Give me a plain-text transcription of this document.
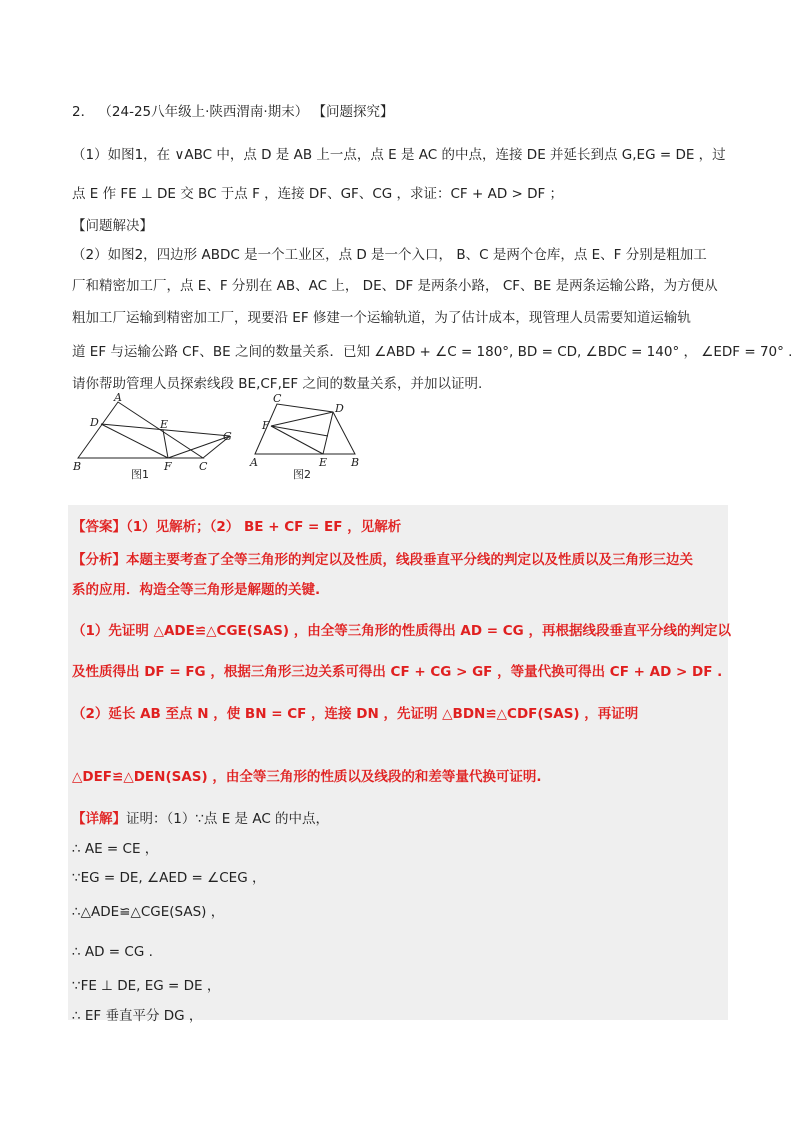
2． （24-25八年级上·陕西渭南·期末） 【问题探究】
（1）如图1，在 ∨ABC 中，点 D 是 AB 上一点，点 E 是 AC 的中点，连接 DE 并延长到点 G,EG = DE ，过
点 E 作 FE ⊥ DE 交 BC 于点 F ，连接 DF、GF、CG ，求证：CF + AD > DF ；
【问题解决】
（2）如图2，四边形 ABDC 是一个工业区，点 D 是一个入口， B、C 是两个仓库，点 E、F 分别是粗加工
厂和精密加工厂，点 E、F 分别在 AB、AC 上， DE、DF 是两条小路， CF、BE 是两条运输公路，为方便从
粗加工厂运输到精密加工厂，现要沿 EF 修建一个运输轨道，为了估计成本，现管理人员需要知道运输轨
道 EF 与运输公路 CF、BE 之间的数量关系．已知 ∠ABD + ∠C = 180°, BD = CD, ∠BDC = 140° ， ∠EDF = 70° .
请你帮助管理人员探索线段 BE,CF,EF 之间的数量关系，并加以证明.
A
D	E
G
B	F C
图1
C
D
F
A	E B
图2
【答案】（1）见解析；（2） BE + CF = EF ，见解析
【分析】本题主要考查了全等三角形的判定以及性质，线段垂直平分线的判定以及性质以及三角形三边关
系的应用．构造全等三角形是解题的关键.
（1）先证明 △ADE≌△CGE(SAS) ，由全等三角形的性质得出 AD = CG ，再根据线段垂直平分线的判定以
及性质得出 DF = FG ，根据三角形三边关系可得出 CF + CG > GF ，等量代换可得出 CF + AD > DF .
（2）延长 AB 至点 N ，使 BN = CF ，连接 DN ，先证明 △BDN≌△CDF(SAS) ，再证明
△DEF≌△DEN(SAS) ，由全等三角形的性质以及线段的和差等量代换可证明.
【详解】证明：（1）∵点 E 是 AC 的中点，
∴ AE = CE ，
∵EG = DE, ∠AED = ∠CEG ，
∴△ADE≌△CGE(SAS) ，
∴ AD = CG .
∵FE ⊥ DE, EG = DE ，
∴ EF 垂直平分 DG ，
